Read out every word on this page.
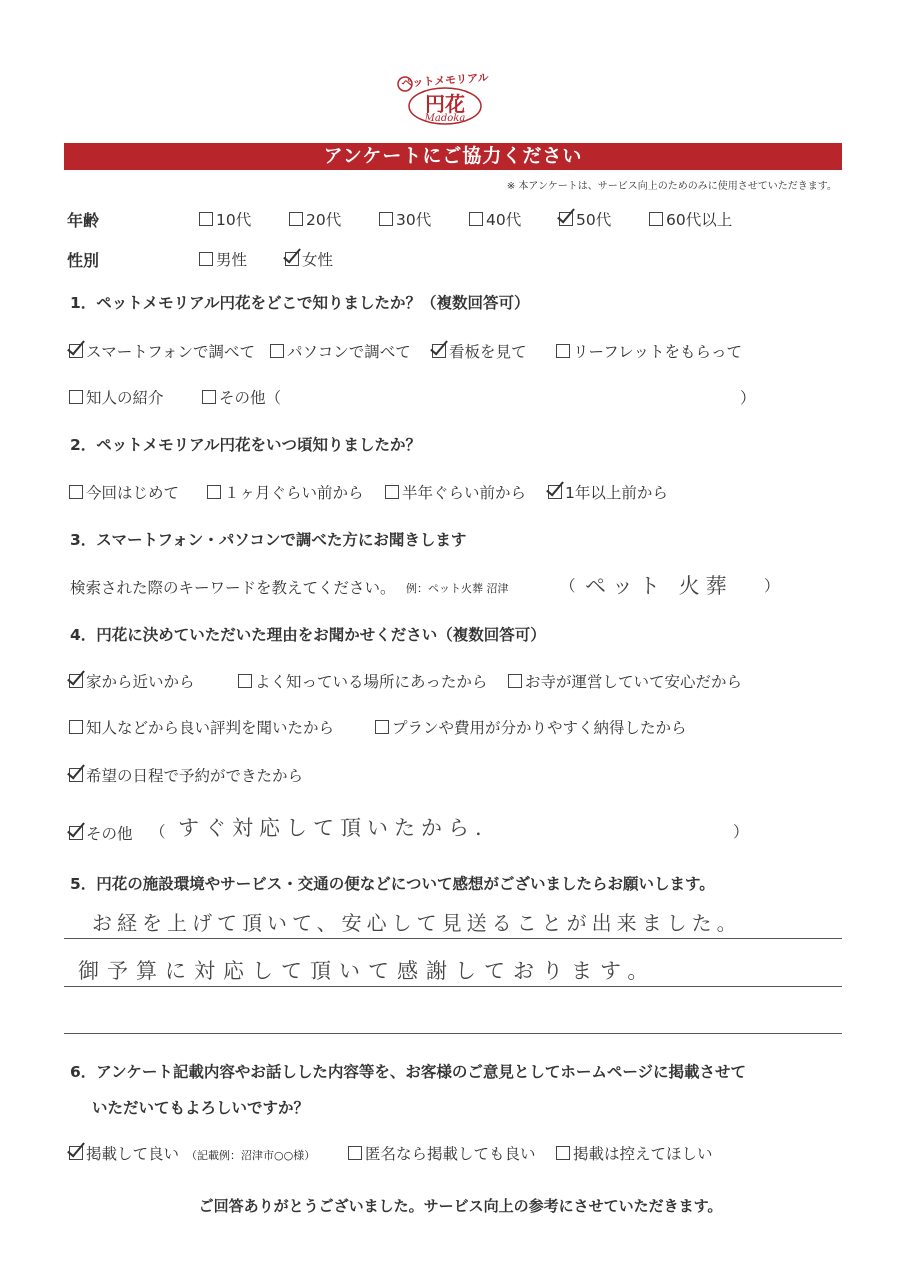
ペットメモリアル
円花
Madoka
アンケートにご協力ください
※ 本アンケートは、サービス向上のためのみに使用させていただきます。
年齢	10代	20代	30代	40代	50代	60代以上
性別	男性	女性
1．ペットメモリアル円花をどこで知りましたか？（複数回答可）
スマートフォンで調べて パソコンで調べて 看板を見て	リーフレットをもらって
知人の紹介	その他（	）
2．ペットメモリアル円花をいつ頃知りましたか？
今回はじめて	１ヶ月ぐらい前から 半年ぐらい前から	1年以上前から
3．スマートフォン・パソコンで調べた方にお聞きします
検索された際のキーワードを教えてください。 例：ペット火葬 沼津	（ ペット 火葬 ）
4．円花に決めていただいた理由をお聞かせください（複数回答可）
家から近いから	よく知っている場所にあったから お寺が運営していて安心だから
知人などから良い評判を聞いたから	プランや費用が分かりやすく納得したから
希望の日程で予約ができたから
その他 （ すぐ対応して頂いたから.	）
5．円花の施設環境やサービス・交通の便などについて感想がございましたらお願いします。
お経を上げて頂いて、安心して見送ることが出来ました。
御予算に対応して頂いて感謝しております。
6．アンケート記載内容やお話しした内容等を、お客様のご意見としてホームページに掲載させて
いただいてもよろしいですか？
掲載して良い （記載例：沼津市○○様）	匿名なら掲載しても良い 掲載は控えてほしい
ご回答ありがとうございました。サービス向上の参考にさせていただきます。
